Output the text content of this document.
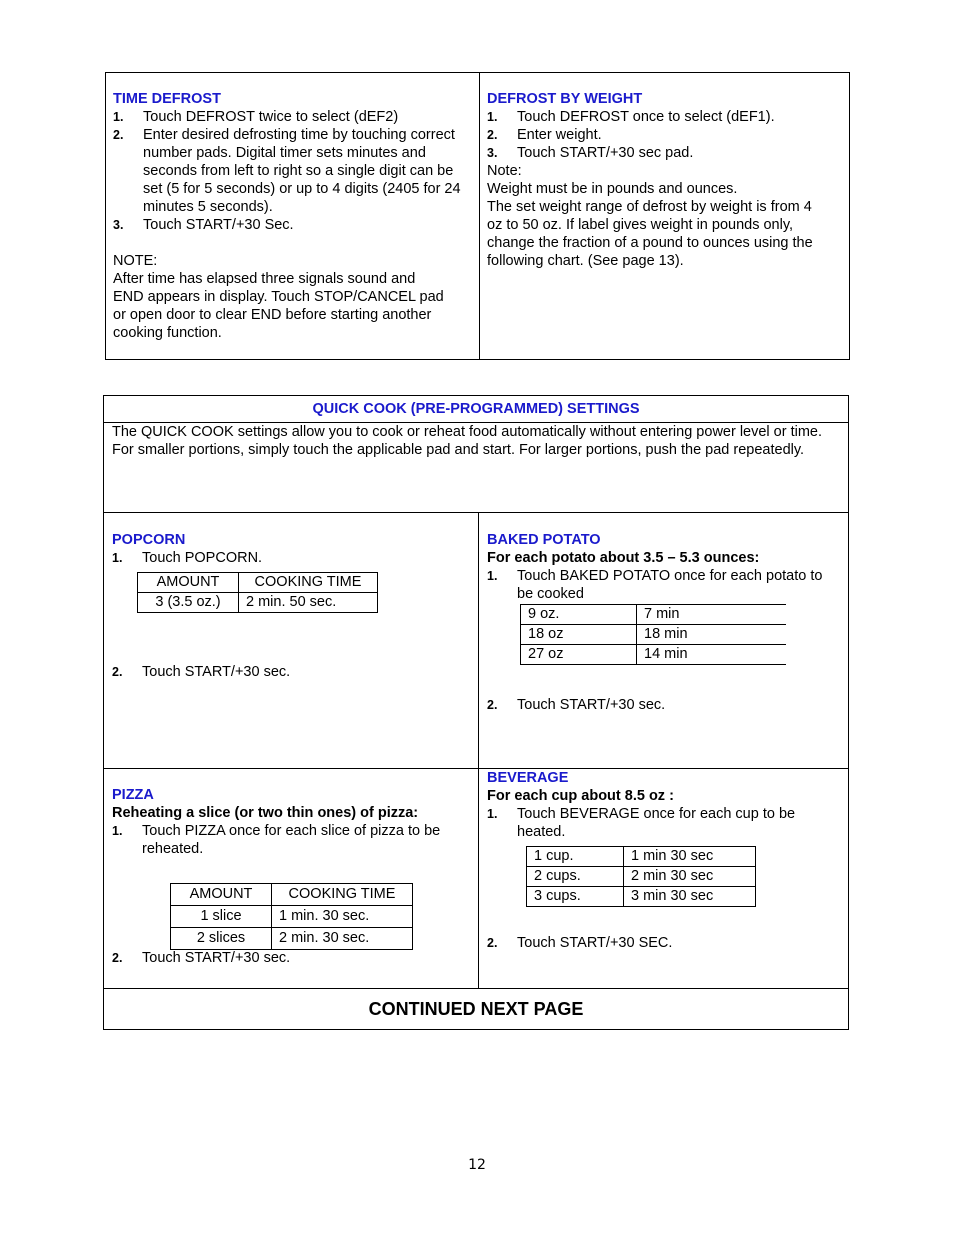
TIME DEFROST
1. Touch DEFROST twice to select (dEF2)
2. Enter desired defrosting time by touching correct number pads. Digital timer sets minutes and seconds from left to right so a single digit can be set (5 for 5 seconds) or up to 4 digits (2405 for 24 minutes 5 seconds).
3. Touch START/+30 Sec.
NOTE:
After time has elapsed three signals sound and END appears in display. Touch STOP/CANCEL pad or open door to clear END before starting another cooking function.
DEFROST BY WEIGHT
1. Touch DEFROST once to select (dEF1).
2. Enter weight.
3. Touch START/+30 sec pad.
Note:
Weight must be in pounds and ounces.
The set weight range of defrost by weight is from 4 oz to 50 oz. If label gives weight in pounds only, change the fraction of a pound to ounces using the following chart. (See page 13).
QUICK COOK (PRE-PROGRAMMED) SETTINGS
The QUICK COOK settings allow you to cook or reheat food automatically without entering power level or time.
For smaller portions, simply touch the applicable pad and start. For larger portions, push the pad repeatedly.
POPCORN
1. Touch POPCORN.
AMOUNT	COOKING TIME
3 (3.5 oz.)	2 min. 50 sec.
2. Touch START/+30 sec.
BAKED POTATO
For each potato about 3.5 – 5.3 ounces:
1. Touch BAKED POTATO once for each potato to be cooked
9 oz.	7 min
18 oz	18 min
27 oz	14 min
2. Touch START/+30 sec.
PIZZA
Reheating a slice (or two thin ones) of pizza:
1. Touch PIZZA once for each slice of pizza to be reheated.
AMOUNT	COOKING TIME
1 slice	1 min. 30 sec.
2 slices	2 min. 30 sec.
2. Touch START/+30 sec.
BEVERAGE
For each cup about 8.5 oz :
1. Touch BEVERAGE once for each cup to be heated.
1 cup.	1 min 30 sec
2 cups.	2 min 30 sec
3 cups.	3 min 30 sec
2. Touch START/+30 SEC.
CONTINUED NEXT PAGE
12
